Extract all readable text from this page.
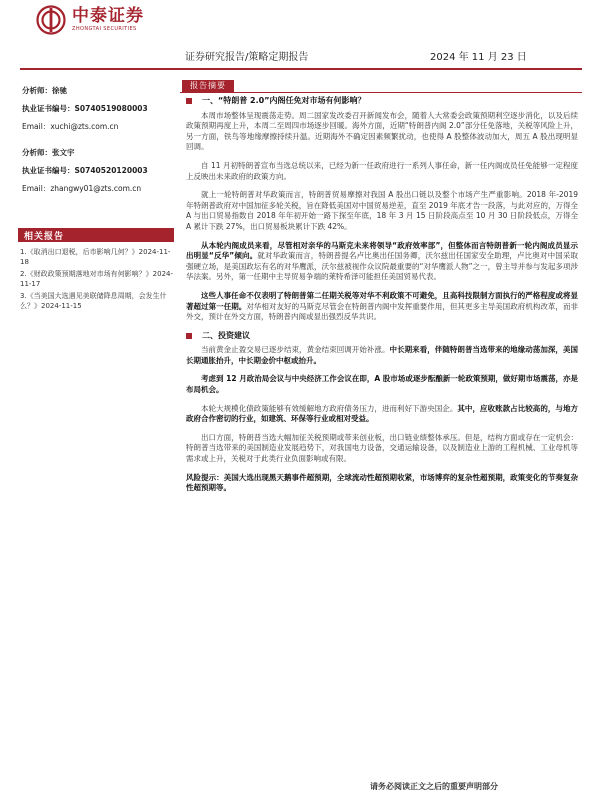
中泰证券
ZHONGTAI SECURITIES
证券研究报告/策略定期报告	2024 年 11 月 23 日
分析师：徐驰
执业证书编号：S0740519080003
Email：xuchi@zts.com.cn
分析师：张文宇
执业证书编号：S0740520120003
Email：zhangwy01@zts.com.cn
相关报告
1.《取消出口退税，后市影响几何？》2024-11-18
2.《财政政策预期落地对市场有何影响？》2024-11-17
3.《当美国大选遇见美联储降息周期，会发生什么？》2024-11-15
报告摘要
一、“特朗普 2.0”内阁任免对市场有何影响？

本周市场整体呈现震荡走势。周二国家发改委召开新闻发布会，随着人大常委会政策预期利空逐步消化，以及后续政策预期再度上升，本周二至周四市场逐步回暖。海外方面，近期“特朗普内阁 2.0”部分任免落地，关税等风险上升，另一方面，铁鸟等地缘摩擦持续升温。近期海外不确定因素频繁扰动，也使得 A 股整体波动加大，周五 A 股出现明显回调。

自 11 月初特朗普宣布当选总统以来，已经为新一任政府进行一系列人事任命，新一任内阁成员任免能够一定程度上反映出未来政府的政策方向。

就上一轮特朗普对华政策而言，特朗普贸易摩擦对我国 A 股出口链以及整个市场产生严重影响。2018 年-2019 年特朗普政府对中国加征多轮关税，旨在降低美国对中国贸易逆差，直至 2019 年底才告一段落，与此对应的，万得全 A 与出口贸易指数自 2018 年年初开始一路下探至年底，18 年 3 月 15 日阶段高点至 10 月 30 日阶段低点，万得全 A 累计下跌 27%，出口贸易板块累计下跌 42%。

从本轮内阁成员来看，尽管相对亲华的马斯克未来将领导“政府效率部”，但整体而言特朗普新一轮内阁成员显示出明显“反华”倾向。就对华政策而言，特朗普提名卢比奥出任国务卿，沃尔兹出任国家安全助理，卢比奥对中国采取强硬立场，是美国政坛有名的对华鹰派，沃尔兹被视作众议院最重要的“对华鹰派人物”之一，曾主导并参与发起多项涉华法案。另外，第一任期中主导贸易争端的莱特希泽可能担任美国贸易代表。

这些人事任命不仅表明了特朗普第二任期关税等对华不利政策不可避免，且高科技限制方面执行的严格程度或将显著超过第一任期。对华相对友好的马斯克尽管会在特朗普内阁中发挥重要作用，但其更多主导美国政府机构改革，而非外交，预计在外交方面，特朗普内阁或显出强烈反华共识。

二、投资建议

当前黄金止盈交易已逐步结束，黄金结束回调开始补涨。中长期来看，伴随特朗普当选带来的地缘动荡加深，美国长期通胀抬升，中长期金价中枢或抬升。

考虑到 12 月政治局会议与中央经济工作会议在即，A 股市场或逐步酝酿新一轮政策预期，做好期市场震荡，亦是布局机会。

本轮大规模化债政策能够有效缓解地方政府债务压力，进而利好下游央国企。其中，应收账款占比较高的，与地方政府合作密切的行业，如建筑、环保等行业或相对受益。

出口方面，特朗普当选大幅加征关税预期或带来创业板，出口链业绩整体承压。但是，结构方面或存在一定机会：特朗普当选带来的美国制造业发展趋势下，对我国电力设备，交通运输设备，以及制造业上游的工程机械、工业母机等需求或上升，关税对于此类行业负面影响或有限。

风险提示：美国大选出现黑天鹅事件超预期，全球流动性超预期收紧，市场博弈的复杂性超预期，政策变化的节奏复杂性超预期等。

请务必阅读正文之后的重要声明部分
